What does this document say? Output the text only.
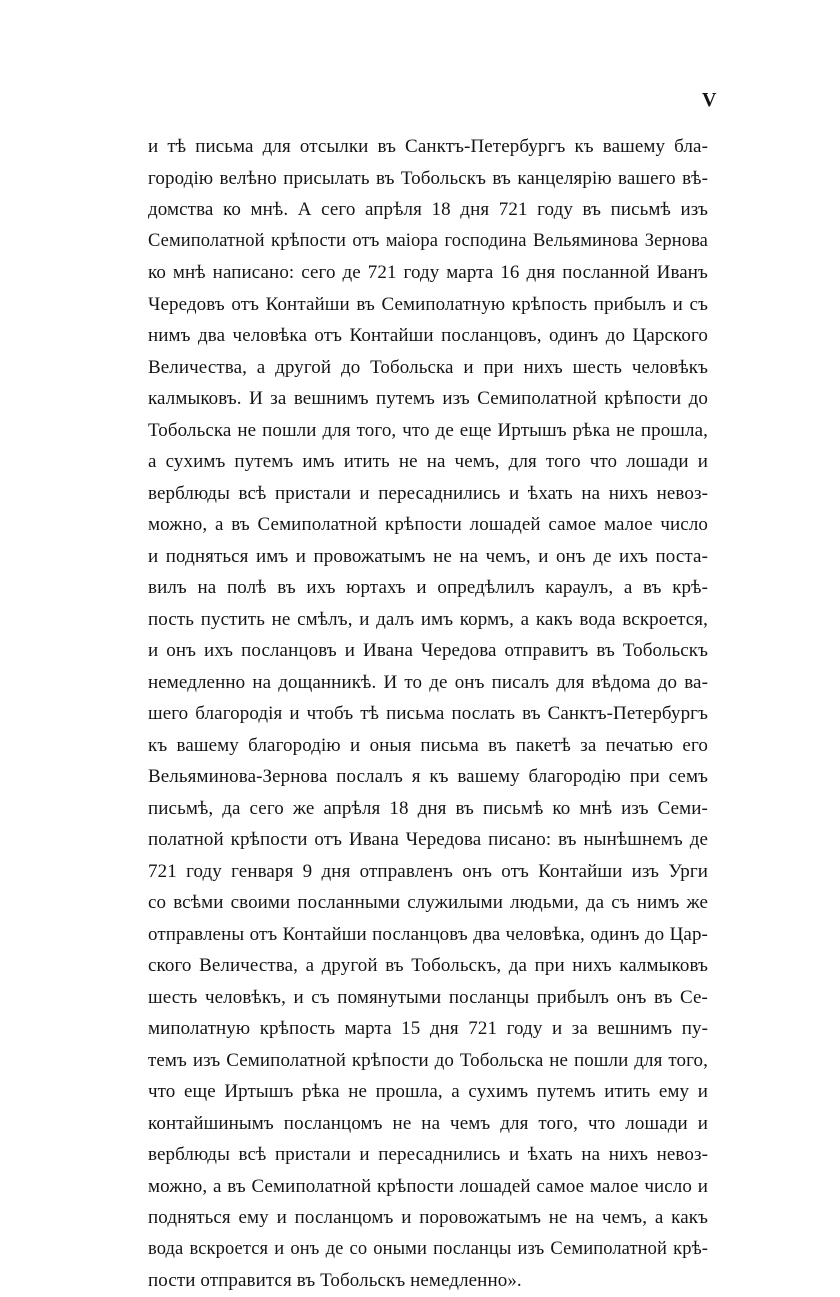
V
и тѣ письма для отсылки въ Санктъ-Петербургъ къ вашему бла-
городію велѣно присылать въ Тобольскъ въ канцелярію вашего вѣ-
домства ко мнѣ. А сего апрѣля 18 дня 721 году въ письмѣ изъ
Семиполатной крѣпости отъ маіора господина Вельяминова Зернова
ко мнѣ написано: сего де 721 году марта 16 дня посланной Иванъ
Чередовъ отъ Контайши въ Семиполатную крѣпость прибылъ и съ
нимъ два человѣка отъ Контайши посланцовъ, одинъ до Царского
Величества, а другой до Тобольска и при нихъ шесть человѣкъ
калмыковъ. И за вешнимъ путемъ изъ Семиполатной крѣпости до
Тобольска не пошли для того, что де еще Иртышъ рѣка не прошла,
а сухимъ путемъ имъ итить не на чемъ, для того что лошади и
верблюды всѣ пристали и пересаднились и ѣхать на нихъ невоз-
можно, а въ Семиполатной крѣпости лошадей самое малое число
и подняться имъ и провожатымъ не на чемъ, и онъ де ихъ поста-
вилъ на полѣ въ ихъ юртахъ и опредѣлилъ караулъ, а въ крѣ-
пость пустить не смѣлъ, и далъ имъ кормъ, а какъ вода вскроется,
и онъ ихъ посланцовъ и Ивана Чередова отправитъ въ Тобольскъ
немедленно на дощанникѣ. И то де онъ писалъ для вѣдома до ва-
шего благородія и чтобъ тѣ письма послать въ Санктъ-Петербургъ
къ вашему благородію и оныя письма въ пакетѣ за печатью его
Вельяминова-Зернова послалъ я къ вашему благородію при семъ
письмѣ, да сего же апрѣля 18 дня въ письмѣ ко мнѣ изъ Семи-
полатной крѣпости отъ Ивана Чередова писано: въ нынѣшнемъ де
721 году генваря 9 дня отправленъ онъ отъ Контайши изъ Урги
со всѣми своими посланными служилыми людьми, да съ нимъ же
отправлены отъ Контайши посланцовъ два человѣка, одинъ до Цар-
ского Величества, а другой въ Тобольскъ, да при нихъ калмыковъ
шесть человѣкъ, и съ помянутыми посланцы прибылъ онъ въ Се-
миполатную крѣпость марта 15 дня 721 году и за вешнимъ пу-
темъ изъ Семиполатной крѣпости до Тобольска не пошли для того,
что еще Иртышъ рѣка не прошла, а сухимъ путемъ итить ему и
контайшинымъ посланцомъ не на чемъ для того, что лошади и
верблюды всѣ пристали и пересаднились и ѣхать на нихъ невоз-
можно, а въ Семиполатной крѣпости лошадей самое малое число и
подняться ему и посланцомъ и поровожатымъ не на чемъ, а какъ
вода вскроется и онъ де со оными посланцы изъ Семиполатной крѣ-
пости отправится въ Тобольскъ немедленно».
